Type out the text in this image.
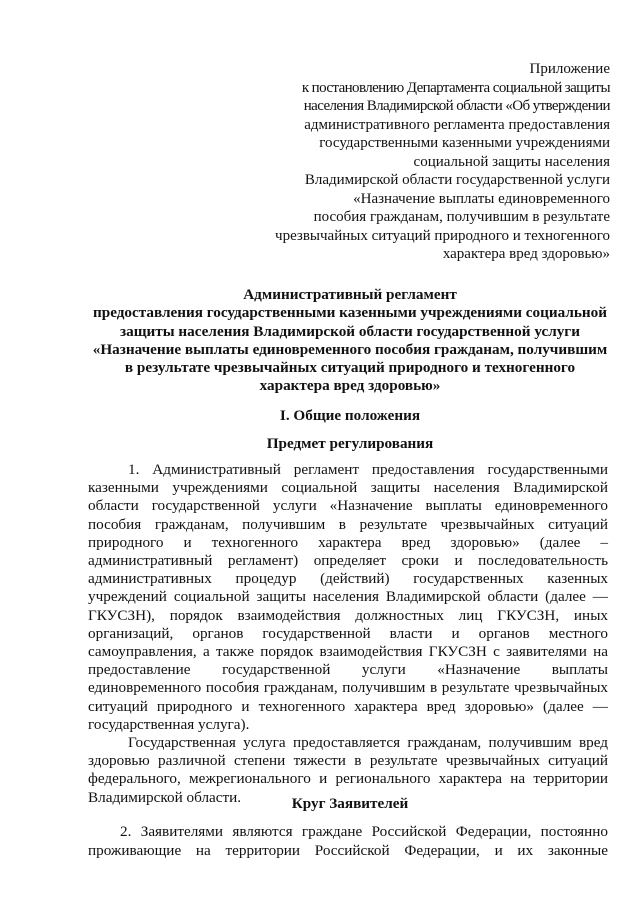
Приложение
к постановлению Департамента социальной защиты
населения Владимирской области «Об утверждении
административного регламента предоставления
государственными казенными учреждениями
социальной защиты населения
Владимирской области государственной услуги
«Назначение выплаты единовременного
пособия гражданам, получившим в результате
чрезвычайных ситуаций природного и техногенного
характера вред здоровью»
Административный регламент
предоставления государственными казенными учреждениями социальной
защиты населения Владимирской области государственной услуги
«Назначение выплаты единовременного пособия гражданам, получившим
в результате чрезвычайных ситуаций природного и техногенного
характера вред здоровью»
I. Общие положения
Предмет регулирования

1. Административный регламент предоставления государственными казенными учреждениями социальной защиты населения Владимирской области государственной услуги «Назначение выплаты единовременного пособия гражданам, получившим в результате чрезвычайных ситуаций природного и техногенного характера вред здоровью» (далее – административный регламент) определяет сроки и последовательность административных процедур (действий) государственных казенных учреждений социальной защиты населения Владимирской области (далее — ГКУСЗН), порядок взаимодействия должностных лиц ГКУСЗН, иных организаций, органов государственной власти и органов местного самоуправления, а также порядок взаимодействия ГКУСЗН с заявителями на предоставление государственной услуги «Назначение выплаты единовременного пособия гражданам, получившим в результате чрезвычайных ситуаций природного и техногенного характера вред здоровью» (далее — государственная услуга).

Государственная услуга предоставляется гражданам, получившим вред здоровью различной степени тяжести в результате чрезвычайных ситуаций федерального, межрегионального и регионального характера на территории Владимирской области.	Круг Заявителей
2. Заявителями являются граждане Российской Федерации, постоянно
проживающие на территории Российской Федерации, и их законные
